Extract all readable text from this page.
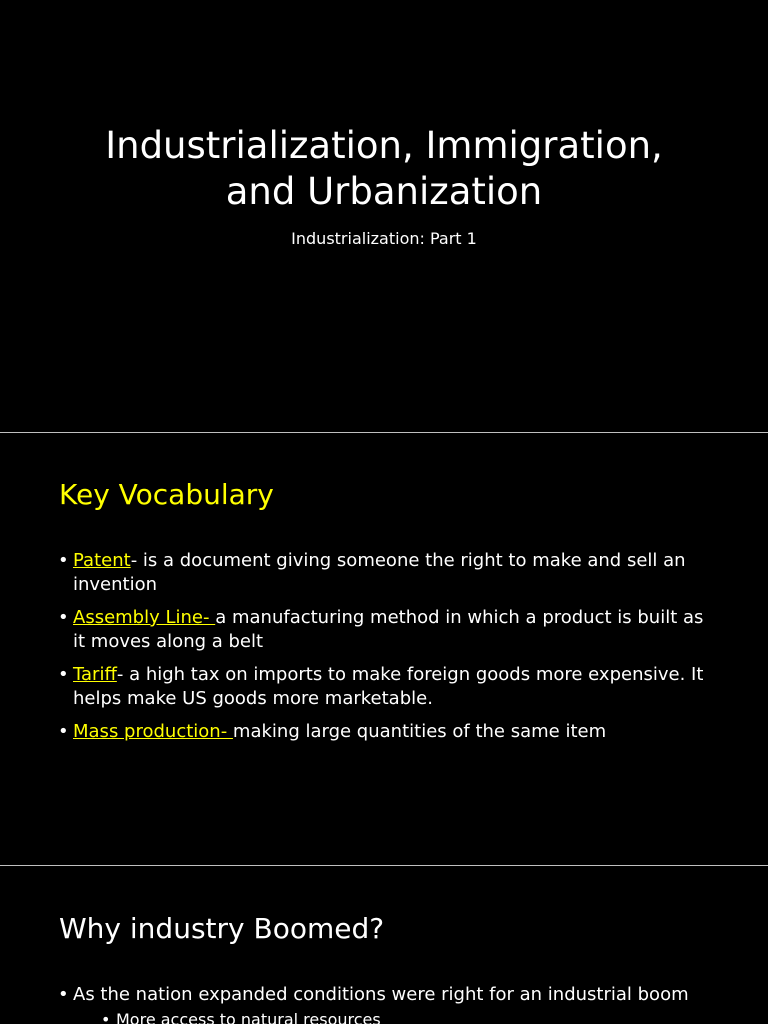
Industrialization, Immigration,
and Urbanization
Industrialization: Part 1
Key Vocabulary
• Patent- is a document giving someone the right to make and sell an invention
• Assembly Line- a manufacturing method in which a product is built as it moves along a belt
• Tariff- a high tax on imports to make foreign goods more expensive. It helps make US goods more marketable.
• Mass production- making large quantities of the same item
Why industry Boomed?
• As the nation expanded conditions were right for an industrial boom
• More access to natural resources
